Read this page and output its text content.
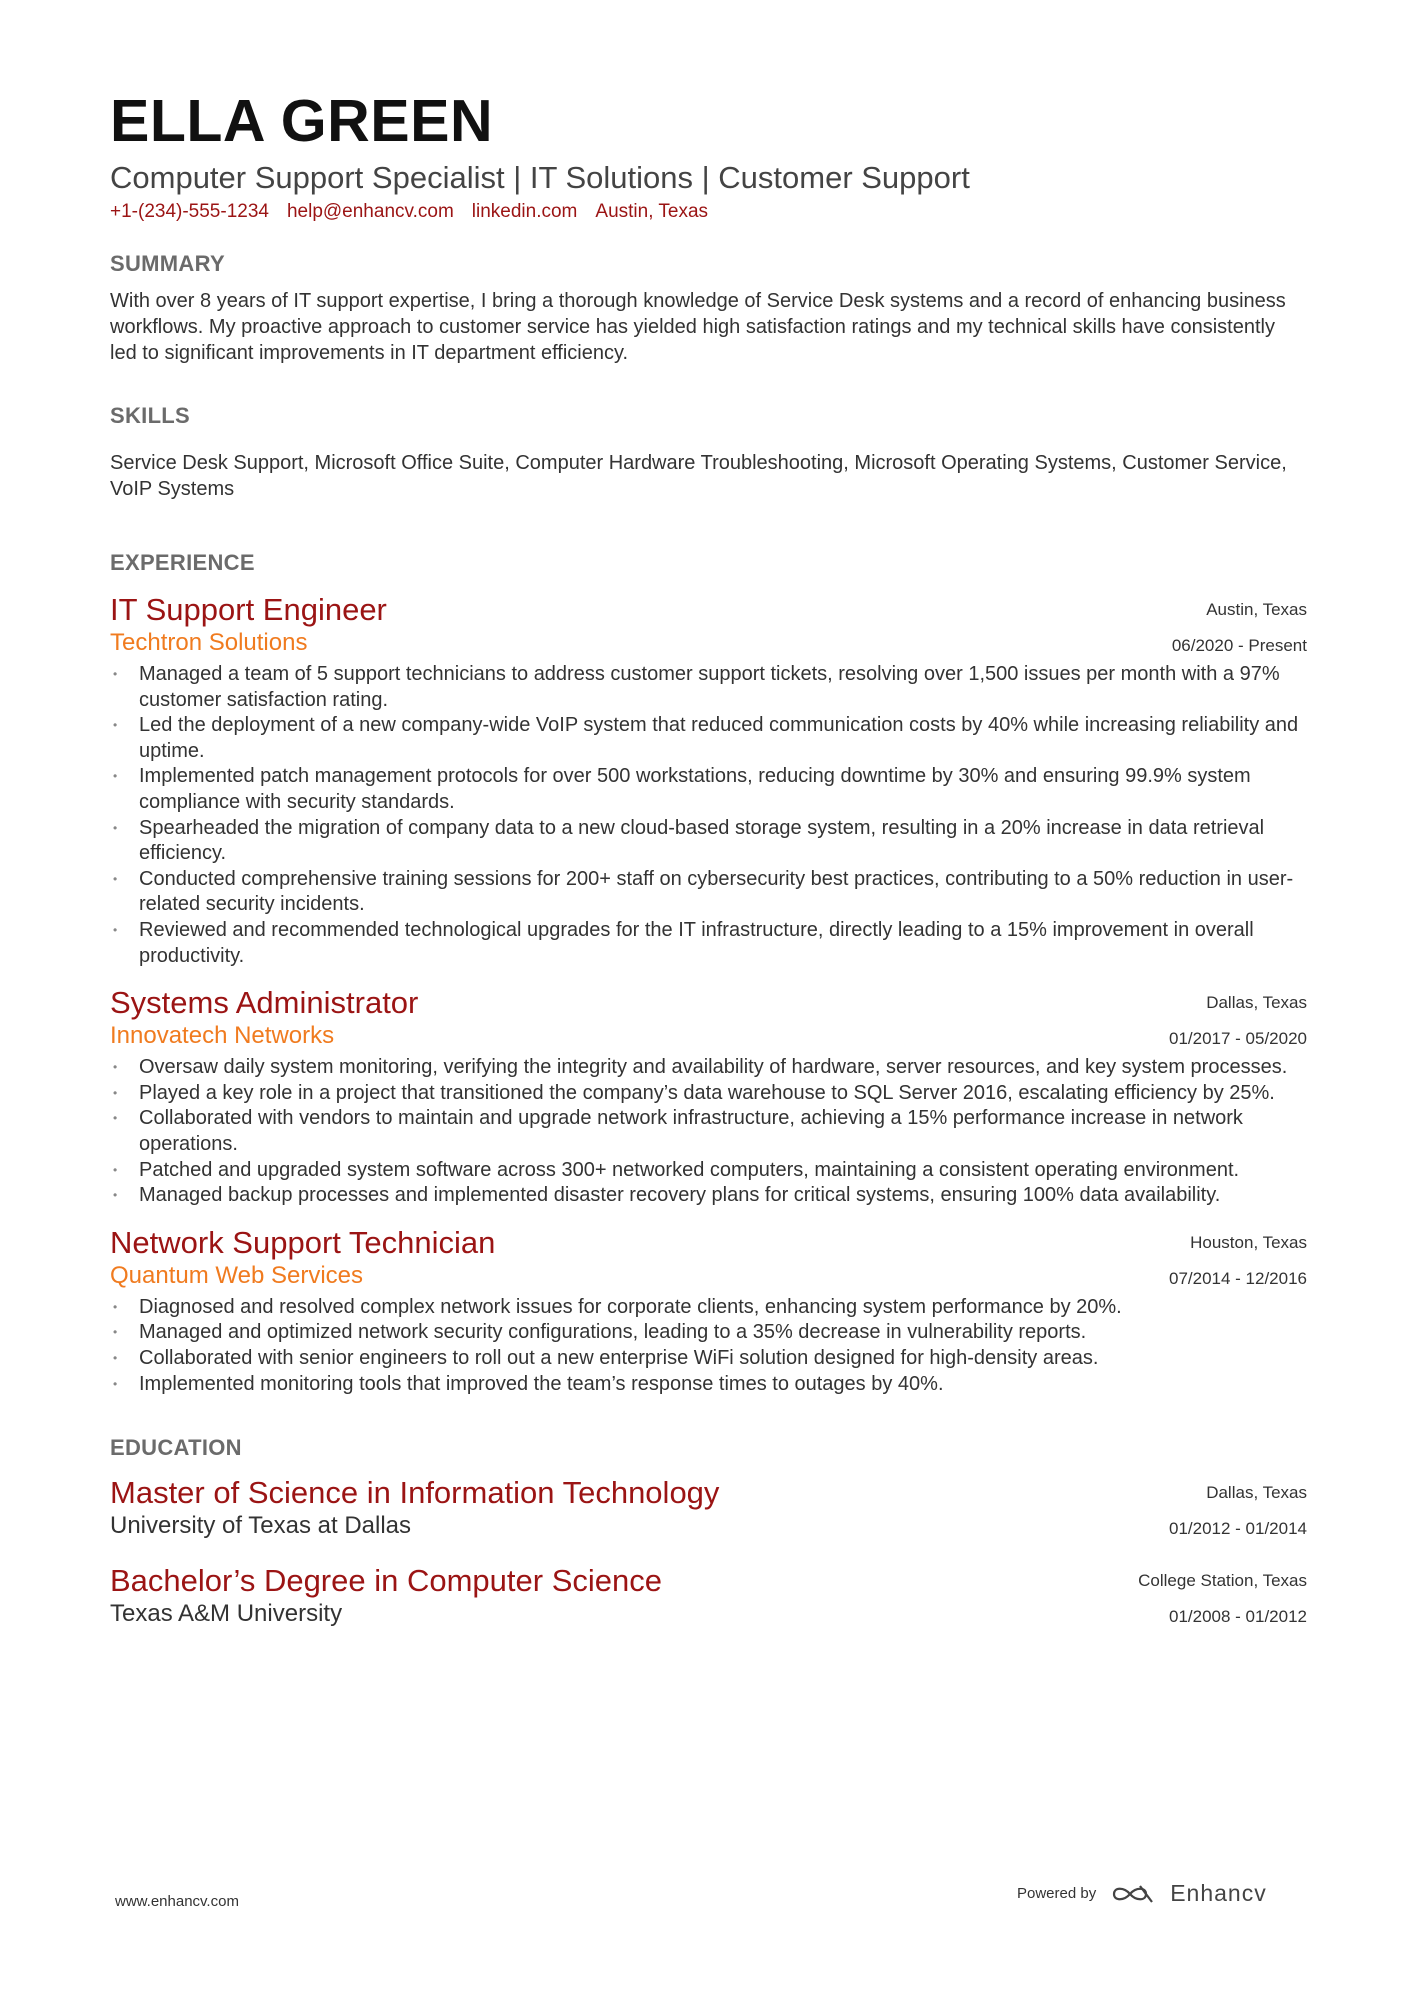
ELLA GREEN
Computer Support Specialist | IT Solutions | Customer Support
+1-(234)-555-1234 help@enhancv.com linkedin.com Austin, Texas
SUMMARY

With over 8 years of IT support expertise, I bring a thorough knowledge of Service Desk systems and a record of enhancing business workflows. My proactive approach to customer service has yielded high satisfaction ratings and my technical skills have consistently led to significant improvements in IT department efficiency.

SKILLS

Service Desk Support, Microsoft Office Suite, Computer Hardware Troubleshooting, Microsoft Operating Systems, Customer Service, VoIP Systems

EXPERIENCE
IT Support Engineer
Techtron Solutions
Austin, Texas
06/2020 - Present
• Managed a team of 5 support technicians to address customer support tickets, resolving over 1,500 issues per month with a 97% customer satisfaction rating.
• Led the deployment of a new company-wide VoIP system that reduced communication costs by 40% while increasing reliability and uptime.
• Implemented patch management protocols for over 500 workstations, reducing downtime by 30% and ensuring 99.9% system compliance with security standards.
• Spearheaded the migration of company data to a new cloud-based storage system, resulting in a 20% increase in data retrieval efficiency.
• Conducted comprehensive training sessions for 200+ staff on cybersecurity best practices, contributing to a 50% reduction in user-related security incidents.
• Reviewed and recommended technological upgrades for the IT infrastructure, directly leading to a 15% improvement in overall productivity.
Systems Administrator
Innovatech Networks
Dallas, Texas
01/2017 - 05/2020
• Oversaw daily system monitoring, verifying the integrity and availability of hardware, server resources, and key system processes.
• Played a key role in a project that transitioned the company’s data warehouse to SQL Server 2016, escalating efficiency by 25%.
• Collaborated with vendors to maintain and upgrade network infrastructure, achieving a 15% performance increase in network operations.
• Patched and upgraded system software across 300+ networked computers, maintaining a consistent operating environment.
• Managed backup processes and implemented disaster recovery plans for critical systems, ensuring 100% data availability.
Network Support Technician
Quantum Web Services
Houston, Texas
07/2014 - 12/2016
• Diagnosed and resolved complex network issues for corporate clients, enhancing system performance by 20%.
• Managed and optimized network security configurations, leading to a 35% decrease in vulnerability reports.
• Collaborated with senior engineers to roll out a new enterprise WiFi solution designed for high-density areas.
• Implemented monitoring tools that improved the team’s response times to outages by 40%.
EDUCATION
Master of Science in Information Technology
University of Texas at Dallas
Dallas, Texas
01/2012 - 01/2014
Bachelor’s Degree in Computer Science
Texas A&M University
College Station, Texas
01/2008 - 01/2012
www.enhancv.com	Powered by	Enhancv
